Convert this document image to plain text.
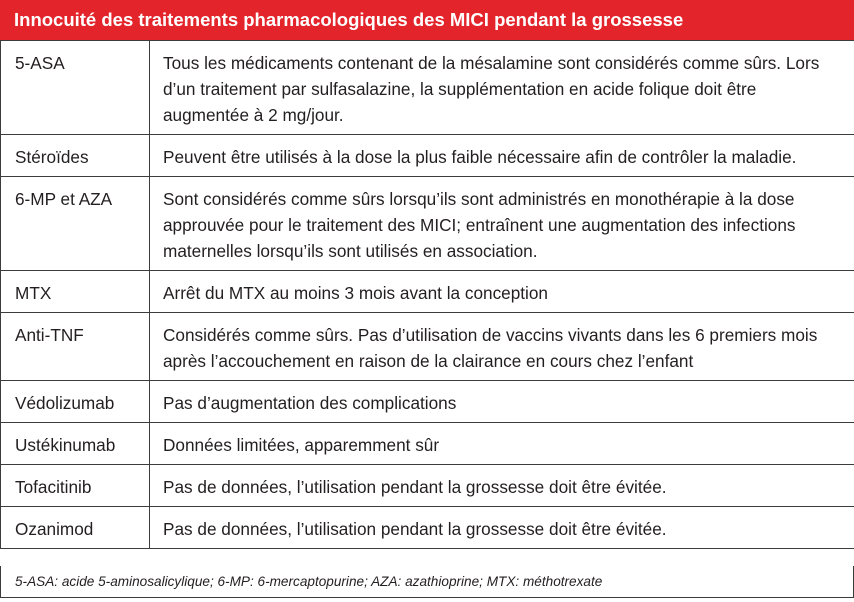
Innocuité des traitements pharmacologiques des MICI pendant la grossesse
5-ASA	Tous les médicaments contenant de la mésalamine sont considérés comme sûrs. Lors d’un traitement par sulfasalazine, la supplémentation en acide folique doit être augmentée à 2 mg/jour.
Stéroïdes	Peuvent être utilisés à la dose la plus faible nécessaire afin de contrôler la maladie.
6-MP et AZA	Sont considérés comme sûrs lorsqu’ils sont administrés en monothérapie à la dose approuvée pour le traitement des MICI; entraînent une augmentation des infections maternelles lorsqu’ils sont utilisés en association.
MTX	Arrêt du MTX au moins 3 mois avant la conception
Anti-TNF	Considérés comme sûrs. Pas d’utilisation de vaccins vivants dans les 6 premiers mois après l’accouchement en raison de la clairance en cours chez l’enfant
Védolizumab	Pas d’augmentation des complications
Ustékinumab	Données limitées, apparemment sûr
Tofacitinib	Pas de données, l’utilisation pendant la grossesse doit être évitée.
Ozanimod	Pas de données, l’utilisation pendant la grossesse doit être évitée.
5-ASA: acide 5-aminosalicylique; 6-MP: 6-mercaptopurine; AZA: azathioprine; MTX: méthotrexate
